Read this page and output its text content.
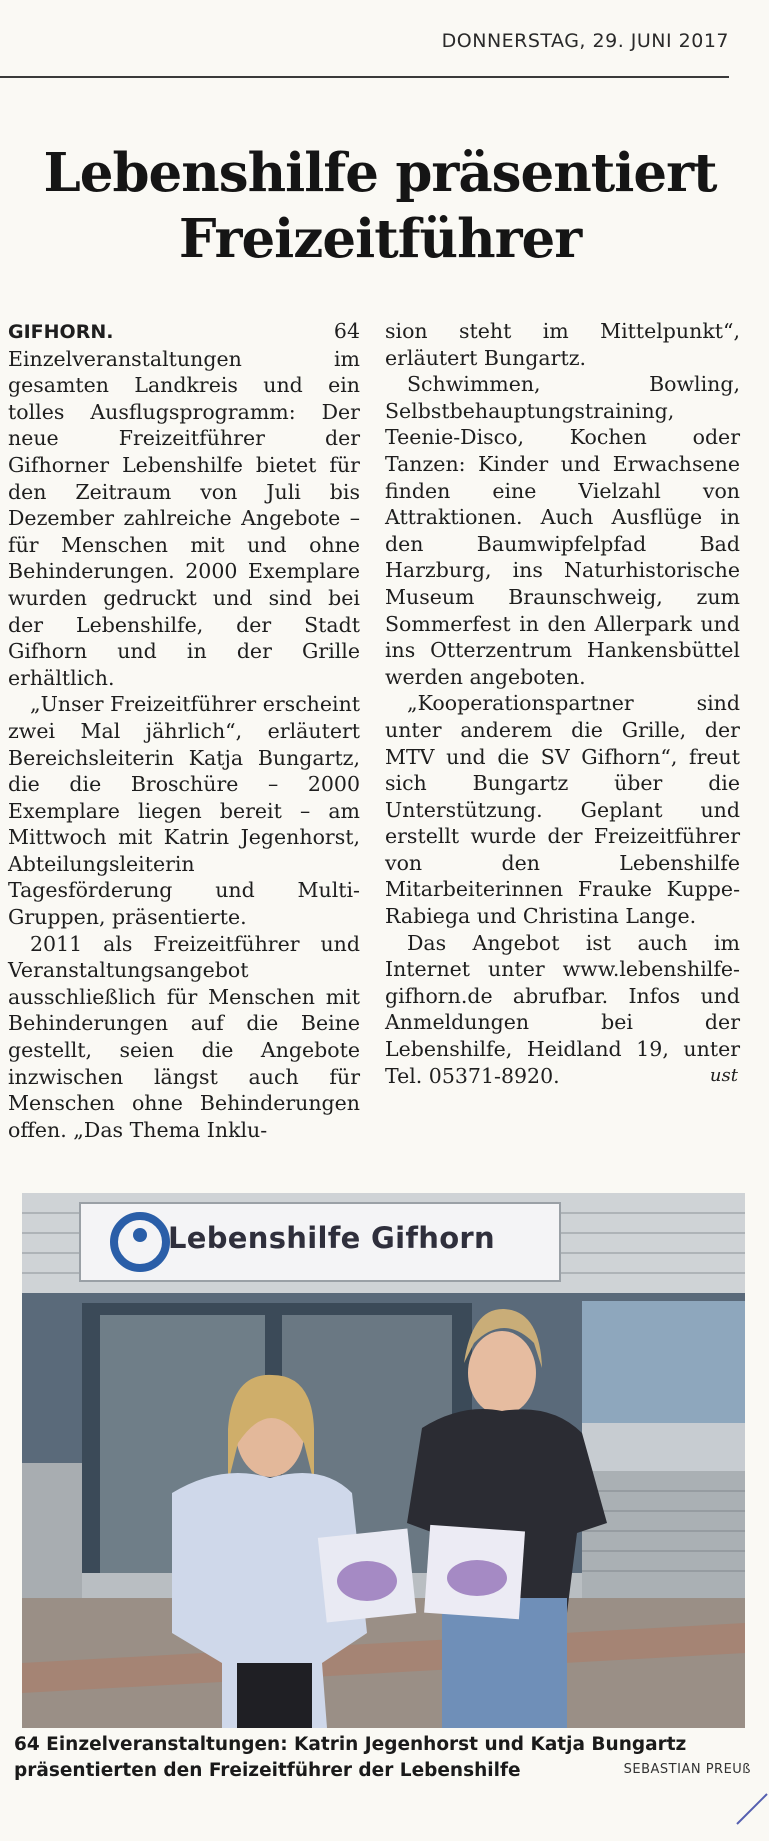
DONNERSTAG, 29. JUNI 2017
Lebenshilfe präsentiert
Freizeitführer

GIFHORN.	64 Einzelveranstaltungen im gesamten Landkreis und ein tolles Ausflugsprogramm: Der neue Freizeitführer der Gifhorner Lebenshilfe bietet für den Zeitraum von Juli bis Dezember zahlreiche Angebote – für Menschen mit und ohne Behinderungen. 2000 Exemplare wurden gedruckt und sind bei der Lebenshilfe, der Stadt Gifhorn und in der Grille erhältlich.

„Unser Freizeitführer erscheint zwei Mal jährlich“, erläutert Bereichsleiterin Katja Bungartz, die die Broschüre – 2000 Exemplare liegen bereit – am Mittwoch mit Katrin Jegenhorst, Abteilungsleiterin Tagesförderung und Multi-Gruppen, präsentierte.

2011 als Freizeitführer und Veranstaltungsangebot ausschließlich für Menschen mit Behinderungen auf die Beine gestellt, seien die Angebote inzwischen längst auch für Menschen ohne Behinderungen offen. „Das Thema Inklu-

sion steht im Mittelpunkt“, erläutert Bungartz.

Schwimmen, Bowling, Selbstbehauptungstraining, Teenie-Disco, Kochen oder Tanzen: Kinder und Erwachsene finden eine Vielzahl von Attraktionen. Auch Ausflüge in den Baumwipfelpfad Bad Harzburg, ins Naturhistorische Museum Braunschweig, zum Sommerfest in den Allerpark und ins Otterzentrum Hankensbüttel werden angeboten.

„Kooperationspartner sind unter anderem die Grille, der MTV und die SV Gifhorn“, freut sich Bungartz über die Unterstützung. Geplant und erstellt wurde der Freizeitführer von den Lebenshilfe Mitarbeiterinnen Frauke Kuppe-Rabiega und Christina Lange.

Das Angebot ist auch im Internet unter www.lebenshilfe-gifhorn.de abrufbar. Infos und Anmeldungen bei der Lebenshilfe, Heidland 19, unter Tel. 05371-8920.	ust

Lebenshilfe Gifhorn
64 Einzelveranstaltungen: Katrin Jegenhorst und Katja Bungartz
präsentierten den Freizeitführer der Lebenshilfe	SEBASTIAN PREUß
